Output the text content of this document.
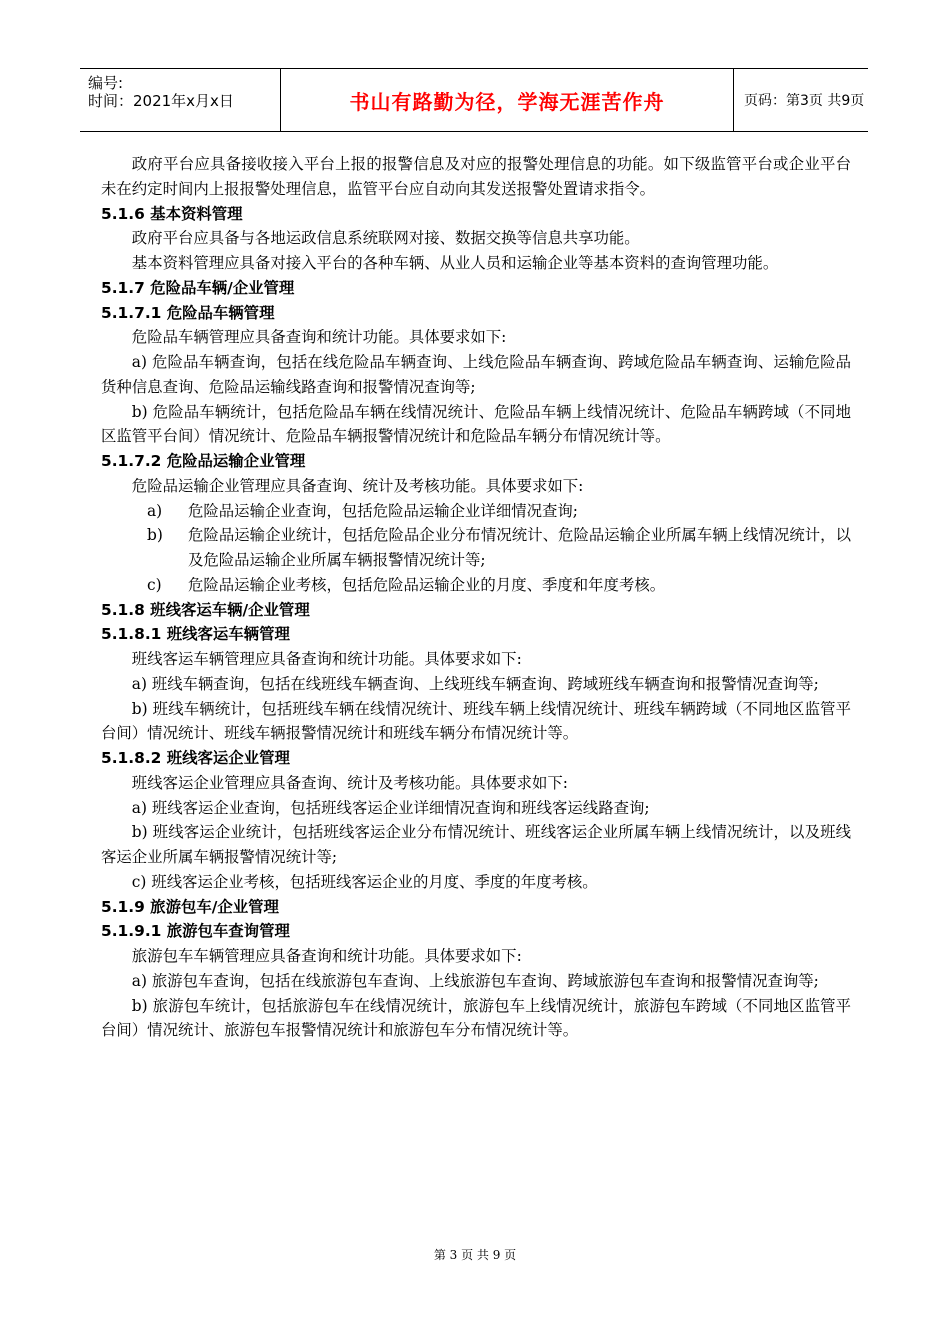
编号:
时间：2021年x月x日	书山有路勤为径，学海无涯苦作舟	页码：第3页 共9页

政府平台应具备接收接入平台上报的报警信息及对应的报警处理信息的功能。如下级监管平台或企业平台未在约定时间内上报报警处理信息，监管平台应自动向其发送报警处置请求指令。

5.1.6 基本资料管理

政府平台应具备与各地运政信息系统联网对接、数据交换等信息共享功能。

基本资料管理应具备对接入平台的各种车辆、从业人员和运输企业等基本资料的查询管理功能。

5.1.7 危险品车辆/企业管理

5.1.7.1 危险品车辆管理

危险品车辆管理应具备查询和统计功能。具体要求如下:

a) 危险品车辆查询，包括在线危险品车辆查询、上线危险品车辆查询、跨域危险品车辆查询、运输危险品货种信息查询、危险品运输线路查询和报警情况查询等;

b) 危险品车辆统计，包括危险品车辆在线情况统计、危险品车辆上线情况统计、危险品车辆跨域（不同地区监管平台间）情况统计、危险品车辆报警情况统计和危险品车辆分布情况统计等。

5.1.7.2 危险品运输企业管理

危险品运输企业管理应具备查询、统计及考核功能。具体要求如下:

a) 危险品运输企业查询，包括危险品运输企业详细情况查询;
b) 危险品运输企业统计，包括危险品企业分布情况统计、危险品运输企业所属车辆上线情况统计，以及危险品运输企业所属车辆报警情况统计等;
c) 危险品运输企业考核，包括危险品运输企业的月度、季度和年度考核。

5.1.8 班线客运车辆/企业管理

5.1.8.1 班线客运车辆管理

班线客运车辆管理应具备查询和统计功能。具体要求如下:

a) 班线车辆查询，包括在线班线车辆查询、上线班线车辆查询、跨域班线车辆查询和报警情况查询等;

b) 班线车辆统计，包括班线车辆在线情况统计、班线车辆上线情况统计、班线车辆跨域（不同地区监管平台间）情况统计、班线车辆报警情况统计和班线车辆分布情况统计等。

5.1.8.2 班线客运企业管理

班线客运企业管理应具备查询、统计及考核功能。具体要求如下:

a) 班线客运企业查询，包括班线客运企业详细情况查询和班线客运线路查询;

b) 班线客运企业统计，包括班线客运企业分布情况统计、班线客运企业所属车辆上线情况统计，以及班线客运企业所属车辆报警情况统计等;

c) 班线客运企业考核，包括班线客运企业的月度、季度的年度考核。

5.1.9 旅游包车/企业管理

5.1.9.1 旅游包车查询管理

旅游包车车辆管理应具备查询和统计功能。具体要求如下:

a) 旅游包车查询，包括在线旅游包车查询、上线旅游包车查询、跨域旅游包车查询和报警情况查询等;

b) 旅游包车统计，包括旅游包车在线情况统计，旅游包车上线情况统计，旅游包车跨域（不同地区监管平台间）情况统计、旅游包车报警情况统计和旅游包车分布情况统计等。

第 3 页 共 9 页
